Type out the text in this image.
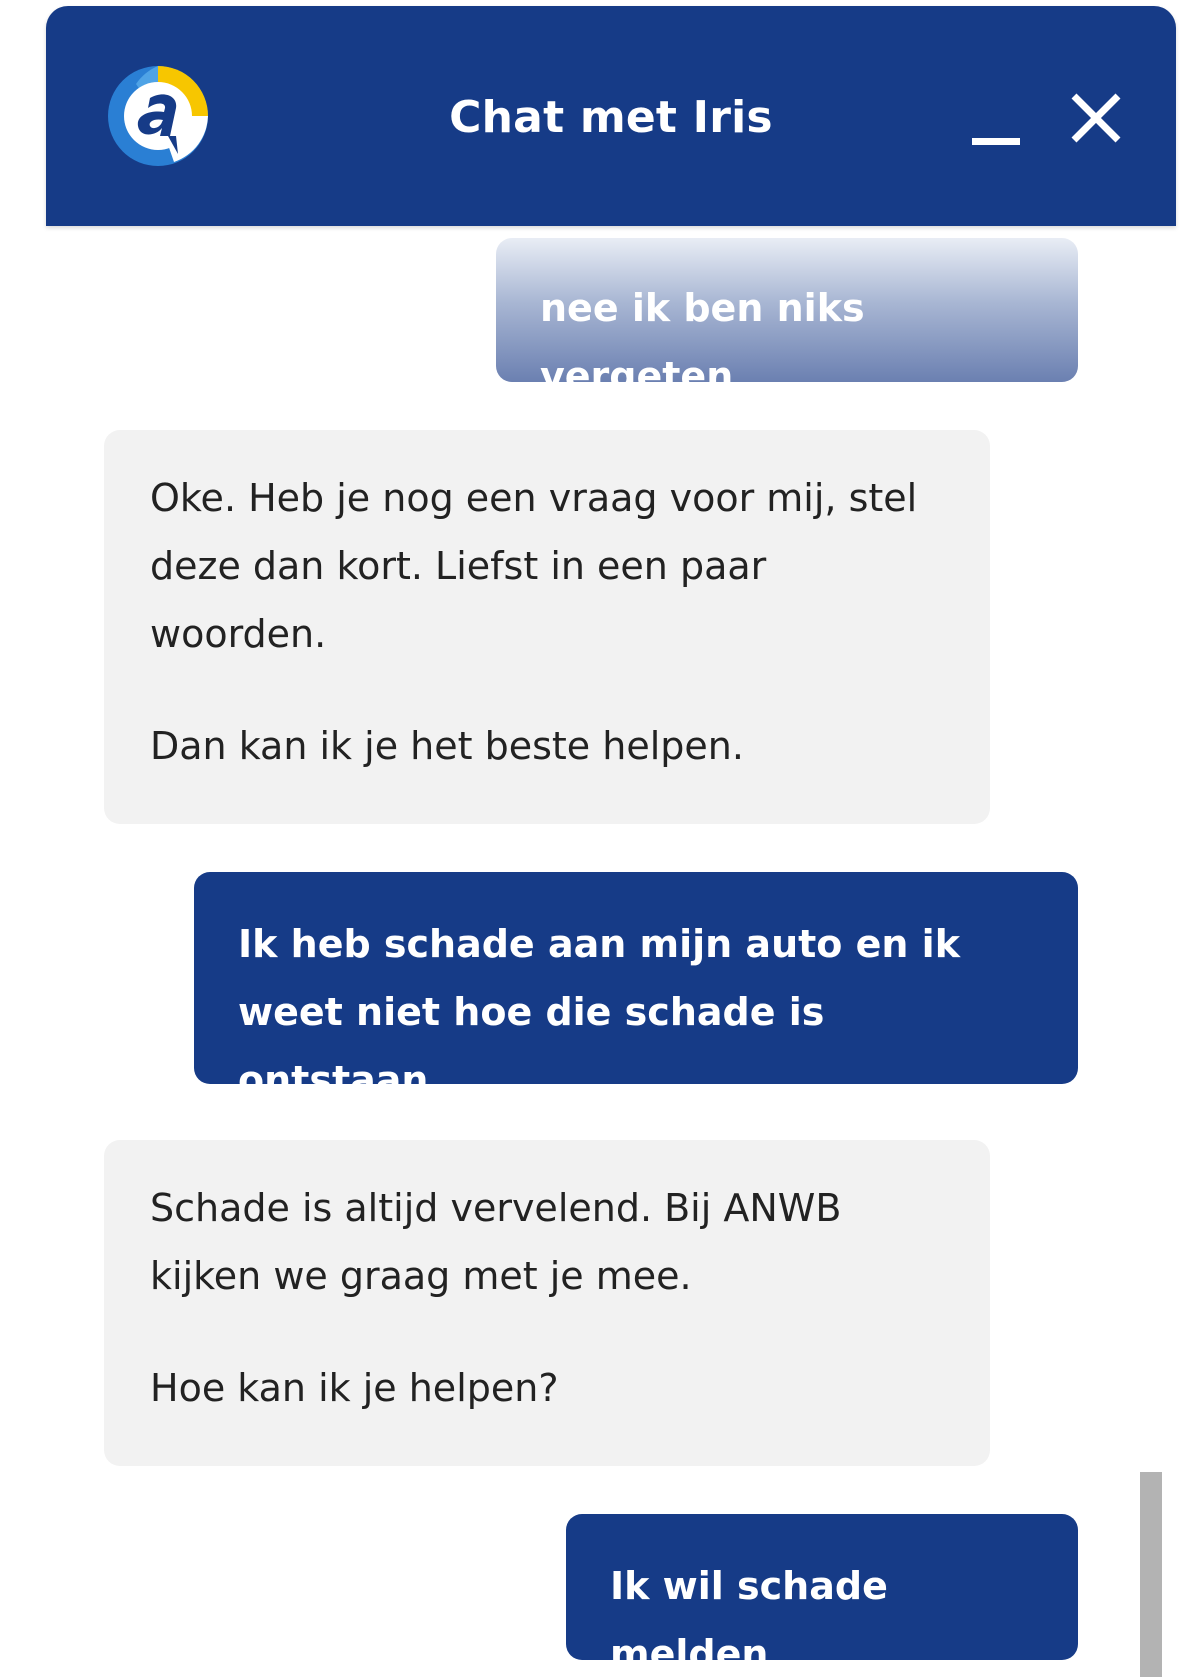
Chat met Iris

nee ik ben niks vergeten

Oke. Heb je nog een vraag voor mij, stel deze dan kort. Liefst in een paar woorden.

Dan kan ik je het beste helpen.

Ik heb schade aan mijn auto en ik weet niet hoe die schade is ontstaan.

Schade is altijd vervelend. Bij ANWB kijken we graag met je mee.

Hoe kan ik je helpen?

Ik wil schade melden
